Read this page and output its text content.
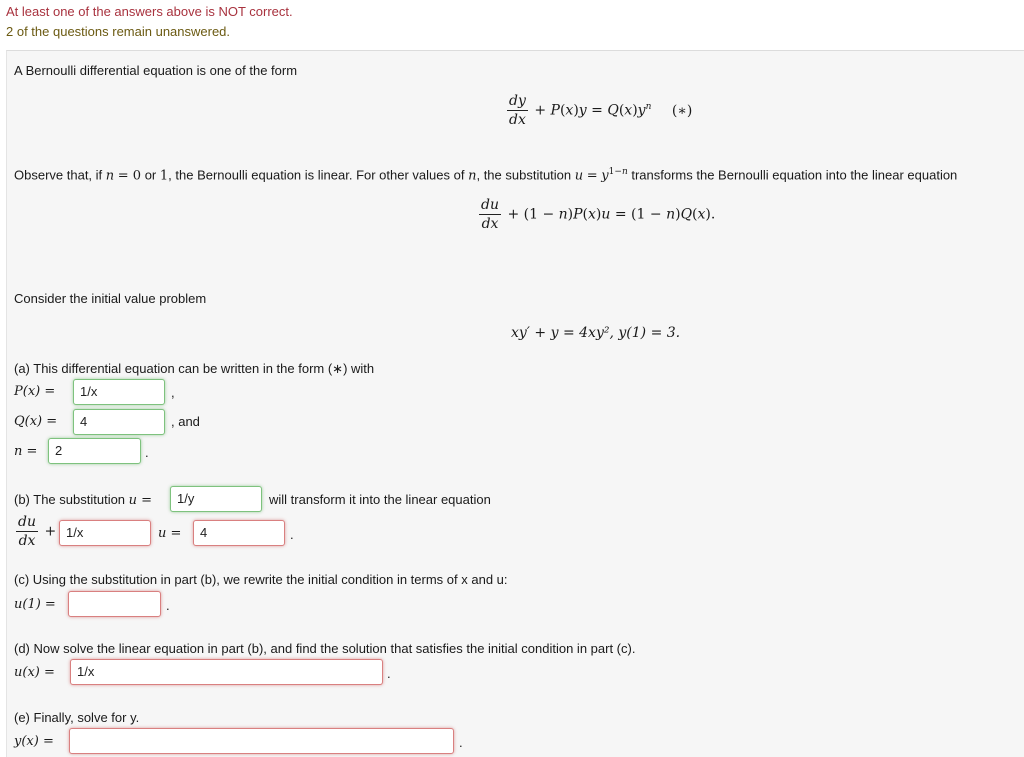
At least one of the answers above is NOT correct.
2 of the questions remain unanswered.
A Bernoulli differential equation is one of the form
$\frac{dy}{dx} + P(x)y = Q(x)y^n$ (∗)
Observe that, if n = 0 or 1, the Bernoulli equation is linear. For other values of n, the substitution $u = y^{1-n}$ transforms the Bernoulli equation into the linear equation
$\frac{du}{dx} + (1 - n)P(x)u = (1 - n)Q(x)$.
Consider the initial value problem
xy′ + y = 4xy², y(1) = 3.
(a) This differential equation can be written in the form (∗) with
P(x) =	1/x	,
Q(x) =	4	, and
n =	2	.
(b) The substitution u =	1/y	will transform it into the linear equation
$\frac{du}{dx} + 1/x$	u =	4	.
(c) Using the substitution in part (b), we rewrite the initial condition in terms of x and u:
u(1) =	.
(d) Now solve the linear equation in part (b), and find the solution that satisfies the initial condition in part (c).
u(x) =	1/x	.
(e) Finally, solve for y.
y(x) =	.
